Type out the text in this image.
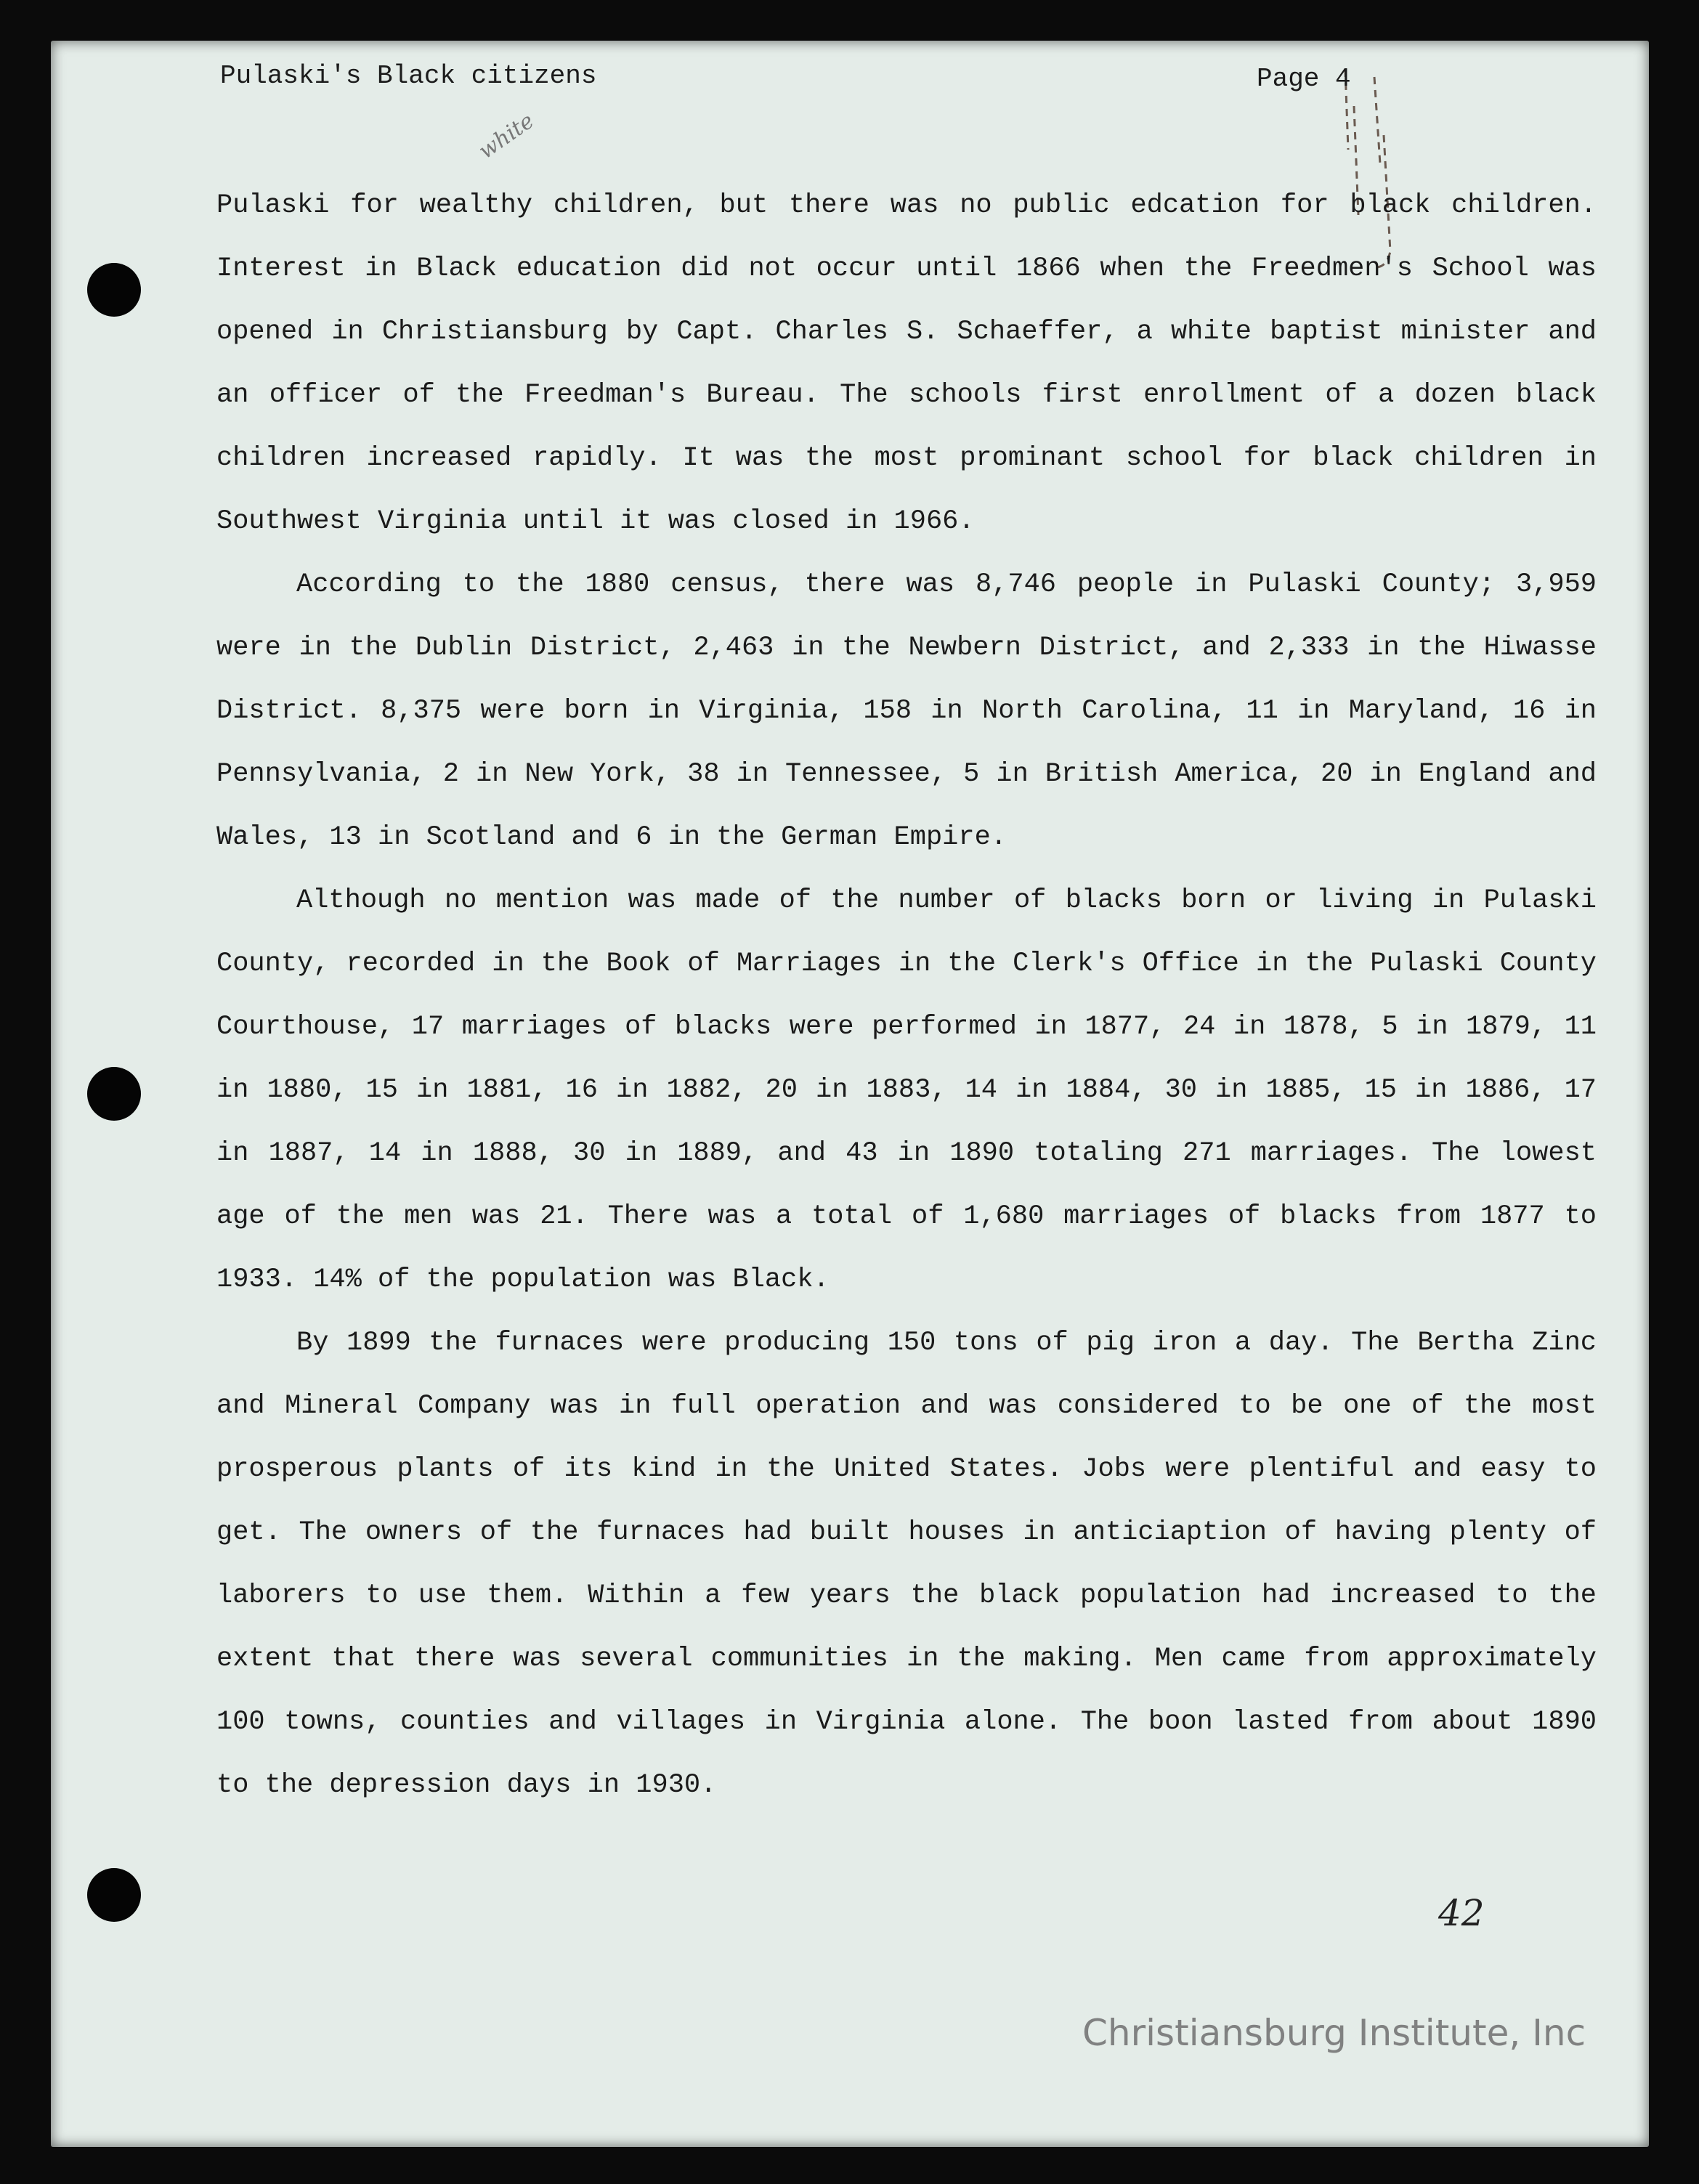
Pulaski's Black citizens	Page 4
white

Pulaski for wealthy children, but there was no public edcation for black children. Interest in Black education did not occur until 1866 when the Freedmen's School was opened in Christiansburg by Capt. Charles S. Schaeffer, a white baptist minister and an officer of the Freedman's Bureau. The schools first enrollment of a dozen black children increased rapidly. It was the most prominant school for black children in Southwest Virginia until it was closed in 1966.

According to the 1880 census, there was 8,746 people in Pulaski County; 3,959 were in the Dublin District, 2,463 in the Newbern District, and 2,333 in the Hiwasse District. 8,375 were born in Virginia, 158 in North Carolina, 11 in Maryland, 16 in Pennsylvania, 2 in New York, 38 in Tennessee, 5 in British America, 20 in England and Wales, 13 in Scotland and 6 in the German Empire.

Although no mention was made of the number of blacks born or living in Pulaski County, recorded in the Book of Marriages in the Clerk's Office in the Pulaski County Courthouse, 17 marriages of blacks were performed in 1877, 24 in 1878, 5 in 1879, 11 in 1880, 15 in 1881, 16 in 1882, 20 in 1883, 14 in 1884, 30 in 1885, 15 in 1886, 17 in 1887, 14 in 1888, 30 in 1889, and 43 in 1890 totaling 271 marriages. The lowest age of the men was 21. There was a total of 1,680 marriages of blacks from 1877 to 1933. 14% of the population was Black.

By 1899 the furnaces were producing 150 tons of pig iron a day. The Bertha Zinc and Mineral Company was in full operation and was considered to be one of the most prosperous plants of its kind in the United States. Jobs were plentiful and easy to get. The owners of the furnaces had built houses in anticiaption of having plenty of laborers to use them. Within a few years the black population had increased to the extent that there was several communities in the making. Men came from approximately 100 towns, counties and villages in Virginia alone. The boon lasted from about 1890 to the depression days in 1930.

42
Christiansburg Institute, Inc
